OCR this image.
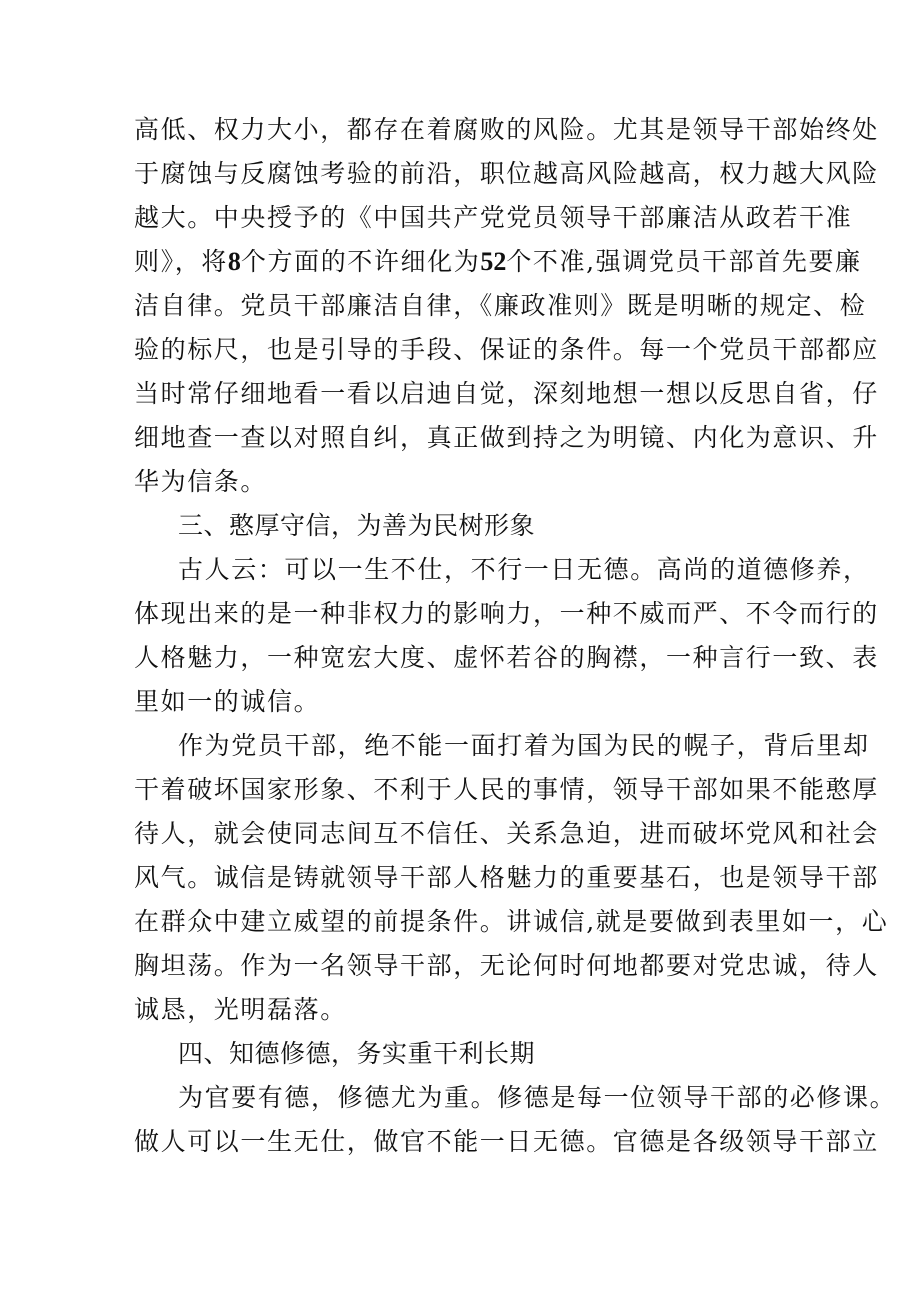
高低、权力大小，都存在着腐败的风险。尤其是领导干部始终处
于腐蚀与反腐蚀考验的前沿，职位越高风险越高，权力越大风险
越大。中央授予的《中国共产党党员领导干部廉洁从政若干准
则》，将8个方面的不许细化为52个不准,强调党员干部首先要廉
洁自律。党员干部廉洁自律，《廉政准则》既是明晰的规定、检
验的标尺，也是引导的手段、保证的条件。每一个党员干部都应
当时常仔细地看一看以启迪自觉，深刻地想一想以反思自省，仔
细地查一查以对照自纠，真正做到持之为明镜、内化为意识、升
华为信条。
三、憨厚守信，为善为民树形象
古人云：可以一生不仕，不行一日无德。高尚的道德修养，
体现出来的是一种非权力的影响力，一种不威而严、不令而行的
人格魅力，一种宽宏大度、虚怀若谷的胸襟，一种言行一致、表
里如一的诚信。
作为党员干部，绝不能一面打着为国为民的幌子，背后里却
干着破坏国家形象、不利于人民的事情，领导干部如果不能憨厚
待人，就会使同志间互不信任、关系急迫，进而破坏党风和社会
风气。诚信是铸就领导干部人格魅力的重要基石，也是领导干部
在群众中建立威望的前提条件。讲诚信,就是要做到表里如一，心
胸坦荡。作为一名领导干部，无论何时何地都要对党忠诚，待人
诚恳，光明磊落。
四、知德修德，务实重干利长期
为官要有德，修德尤为重。修德是每一位领导干部的必修课。
做人可以一生无仕，做官不能一日无德。官德是各级领导干部立
